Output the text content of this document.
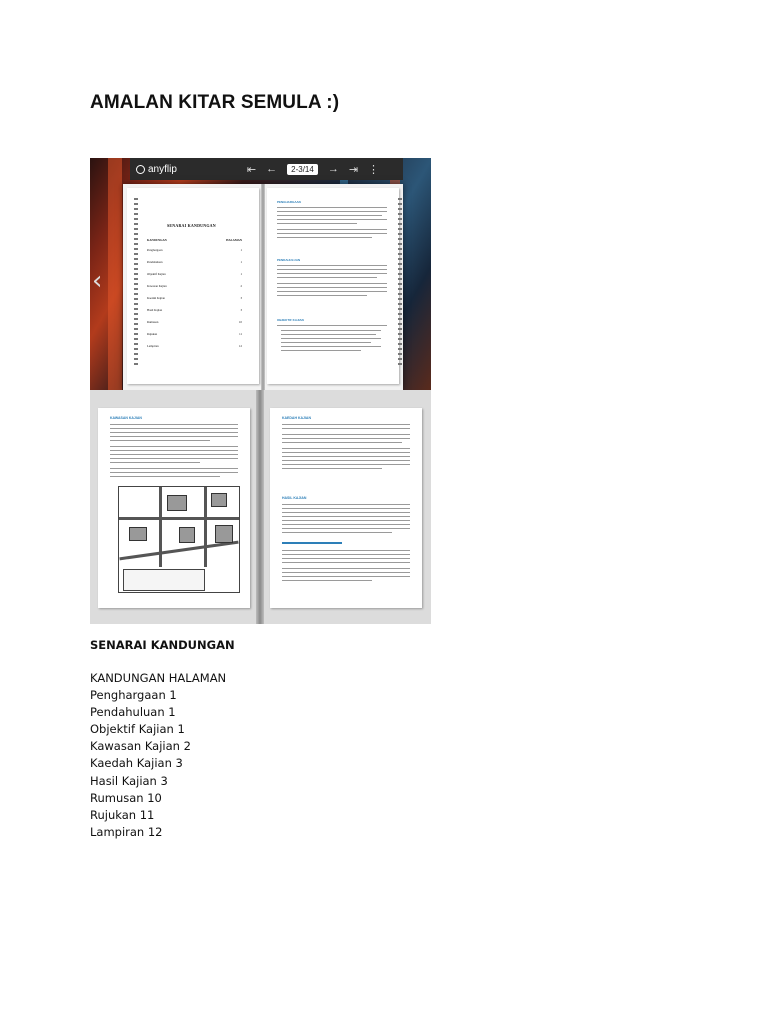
AMALAN KITAR SEMULA :)
anyflip	⇤ ←	2-3/14	→ ⇥ ⋮
‹
SENARAI KANDUNGAN
KANDUNGAN	HALAMAN
Penghargaan	1
Pendahuluan	1
Objektif Kajian	1
Kawasan Kajian	2
Kaedah Kajian	3
Hasil Kajian	3
Rumusan	10
Rujukan	11
Lampiran	12
PENGHARGAAN
PENDAHULUAN
OBJEKTIF KAJIAN
KAWASAN KAJIAN	KAEDAH KAJIAN
HASIL KAJIAN
SENARAI KANDUNGAN
KANDUNGAN HALAMAN
Penghargaan 1
Pendahuluan 1
Objektif Kajian 1
Kawasan Kajian 2
Kaedah Kajian 3
Hasil Kajian 3
Rumusan 10
Rujukan 11
Lampiran 12
